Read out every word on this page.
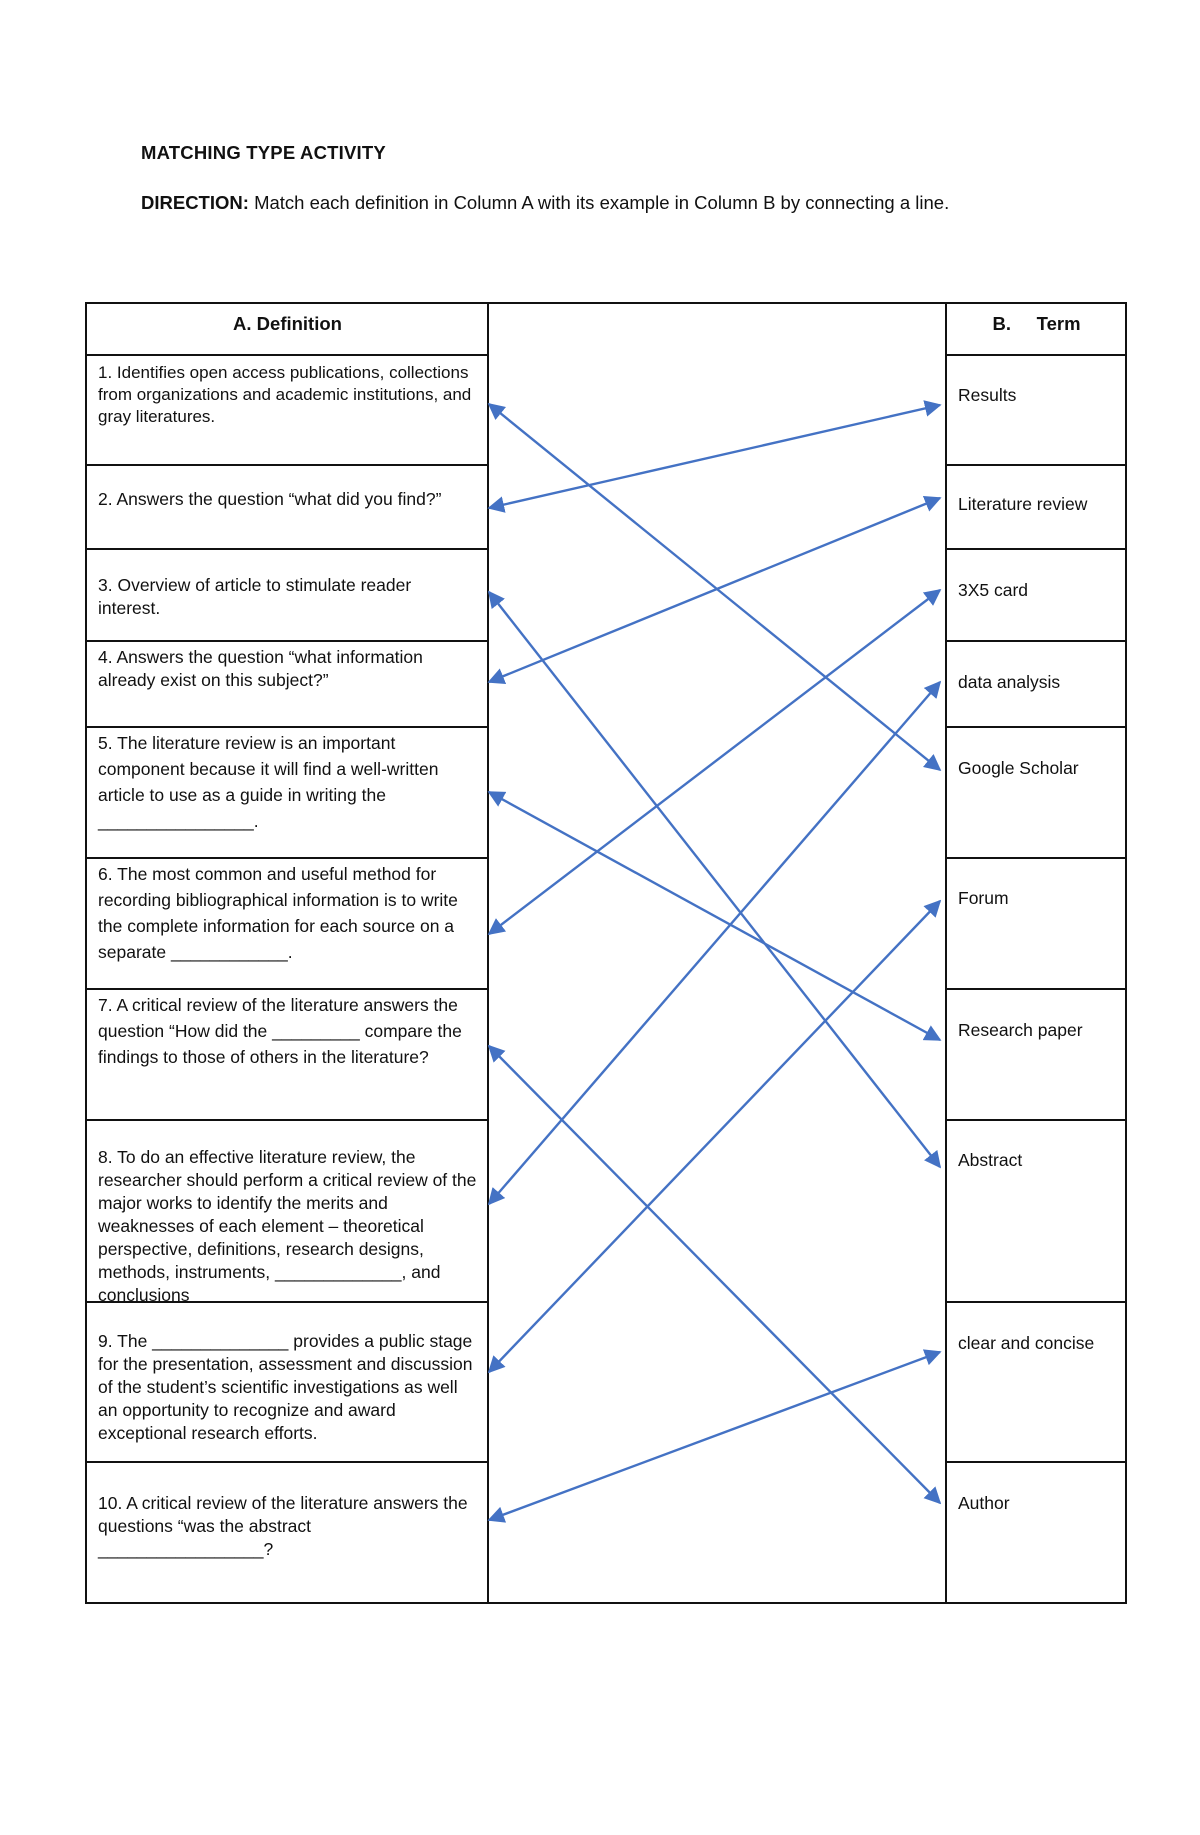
MATCHING TYPE ACTIVITY
DIRECTION: Match each definition in Column A with its example in Column B by connecting a line.
A. Definition	B.     Term
1. Identifies open access publications, collections from organizations and academic institutions, and gray literatures.
2. Answers the question “what did you find?”
3. Overview of article to stimulate reader interest.
4. Answers the question “what information already exist on this subject?”
5. The literature review is an important component because it will find a well-written article to use as a guide in writing the ________________.
6. The most common and useful method for recording bibliographical information is to write the complete information for each source on a separate ____________.
7. A critical review of the literature answers the question “How did the _________ compare the findings to those of others in the literature?
8. To do an effective literature review, the researcher should perform a critical review of the major works to identify the merits and weaknesses of each element – theoretical perspective, definitions, research designs, methods, instruments, _____________, and conclusions
9. The ______________ provides a public stage for the presentation, assessment and discussion of the student’s scientific investigations as well an opportunity to recognize and award exceptional research efforts.
10. A critical review of the literature answers the questions “was the abstract _________________?
Results
Literature review
3X5 card
data analysis
Google Scholar
Forum
Research paper
Abstract
clear and concise
Author
